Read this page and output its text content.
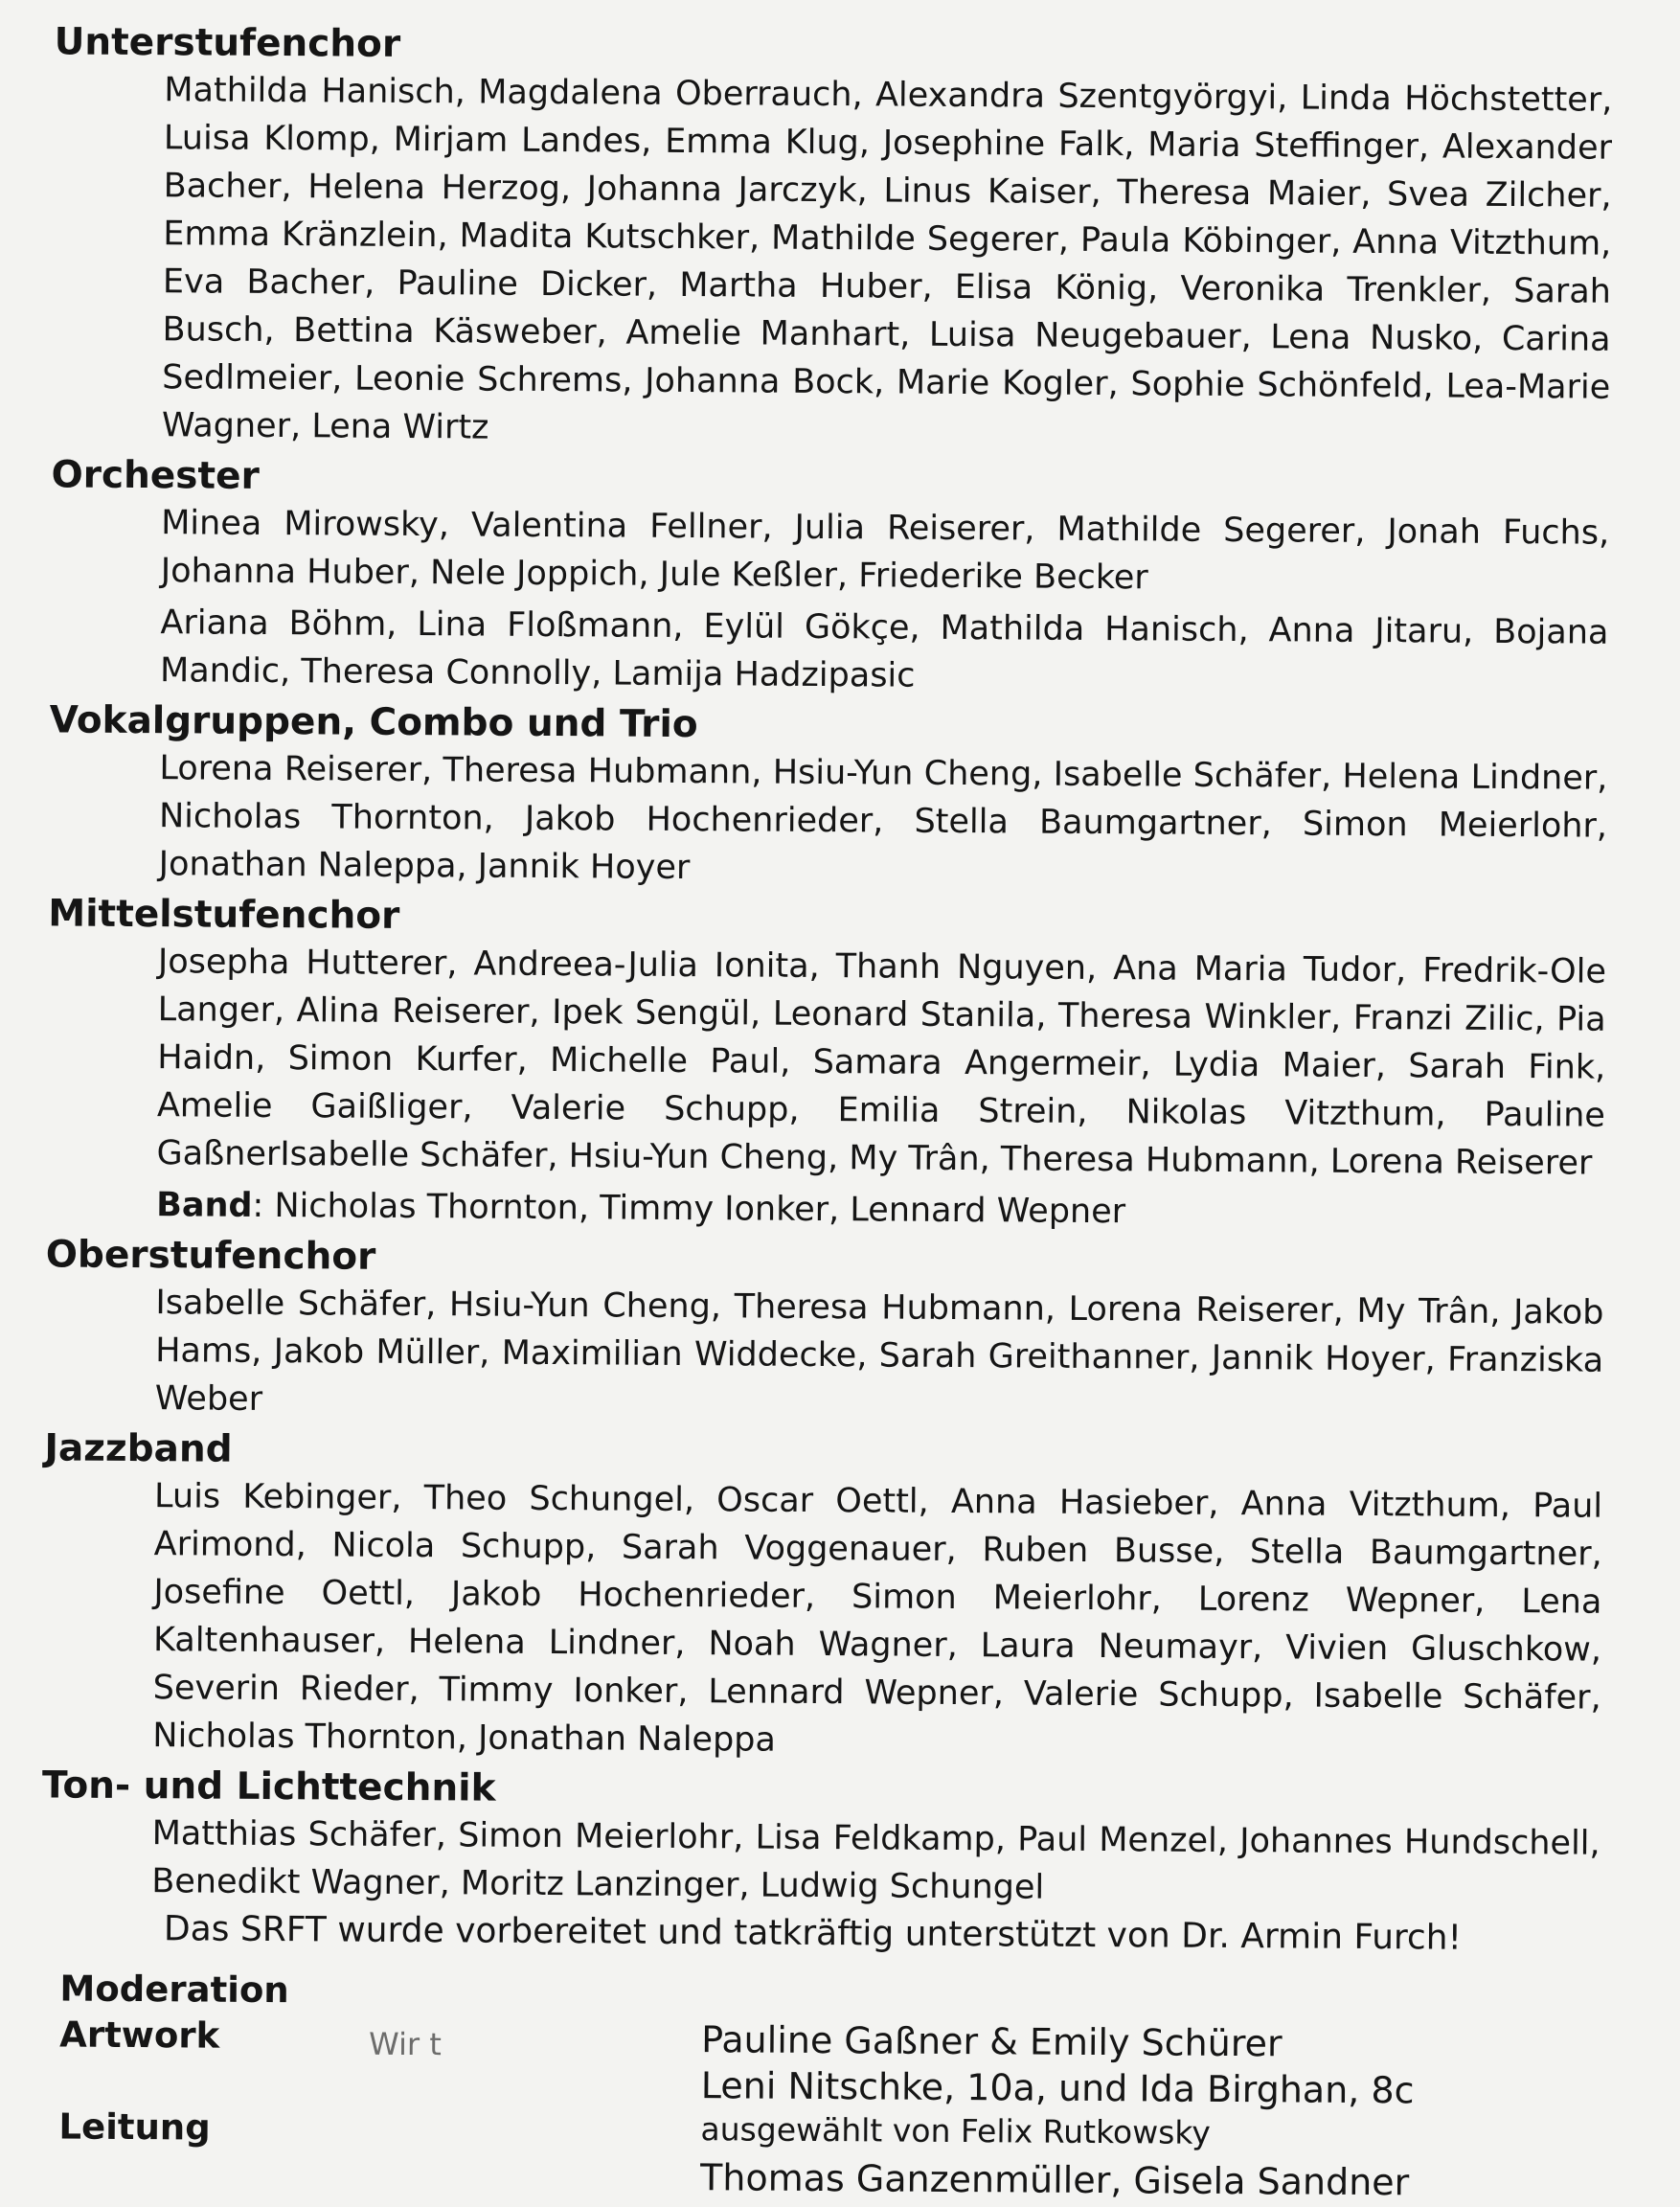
Unterstufenchor
Mathilda Hanisch, Magdalena Oberrauch, Alexandra Szentgyörgyi, Linda Höchstetter, Luisa Klomp, Mirjam Landes, Emma Klug, Josephine Falk, Maria Steffinger, Alexander Bacher, Helena Herzog, Johanna Jarczyk, Linus Kaiser, Theresa Maier, Svea Zilcher, Emma Kränzlein, Madita Kutschker, Mathilde Segerer, Paula Köbinger, Anna Vitzthum, Eva Bacher, Pauline Dicker, Martha Huber, Elisa König, Veronika Trenkler, Sarah Busch, Bettina Käsweber, Amelie Manhart, Luisa Neugebauer, Lena Nusko, Carina Sedlmeier, Leonie Schrems, Johanna Bock, Marie Kogler, Sophie Schönfeld, Lea-Marie Wagner, Lena Wirtz
Orchester
Minea Mirowsky, Valentina Fellner, Julia Reiserer, Mathilde Segerer, Jonah Fuchs, Johanna Huber, Nele Joppich, Jule Keßler, Friederike Becker
Ariana Böhm, Lina Floßmann, Eylül Gökçe, Mathilda Hanisch, Anna Jitaru, Bojana Mandic, Theresa Connolly, Lamija Hadzipasic
Vokalgruppen, Combo und Trio
Lorena Reiserer, Theresa Hubmann, Hsiu-Yun Cheng, Isabelle Schäfer, Helena Lindner, Nicholas Thornton, Jakob Hochenrieder, Stella Baumgartner, Simon Meierlohr, Jonathan Naleppa, Jannik Hoyer
Mittelstufenchor
Josepha Hutterer, Andreea-Julia Ionita, Thanh Nguyen, Ana Maria Tudor, Fredrik-Ole Langer, Alina Reiserer, Ipek Sengül, Leonard Stanila, Theresa Winkler, Franzi Zilic, Pia Haidn, Simon Kurfer, Michelle Paul, Samara Angermeir, Lydia Maier, Sarah Fink, Amelie Gaißliger, Valerie Schupp, Emilia Strein, Nikolas Vitzthum, Pauline GaßnerIsabelle Schäfer, Hsiu-Yun Cheng, My Trân, Theresa Hubmann, Lorena Reiserer
Band: Nicholas Thornton, Timmy Ionker, Lennard Wepner
Oberstufenchor
Isabelle Schäfer, Hsiu-Yun Cheng, Theresa Hubmann, Lorena Reiserer, My Trân, Jakob Hams, Jakob Müller, Maximilian Widdecke, Sarah Greithanner, Jannik Hoyer, Franziska Weber
Jazzband
Luis Kebinger, Theo Schungel, Oscar Oettl, Anna Hasieber, Anna Vitzthum, Paul Arimond, Nicola Schupp, Sarah Voggenauer, Ruben Busse, Stella Baumgartner, Josefine Oettl, Jakob Hochenrieder, Simon Meierlohr, Lorenz Wepner, Lena Kaltenhauser, Helena Lindner, Noah Wagner, Laura Neumayr, Vivien Gluschkow, Severin Rieder, Timmy Ionker, Lennard Wepner, Valerie Schupp, Isabelle Schäfer, Nicholas Thornton, Jonathan Naleppa
Ton- und Lichttechnik
Matthias Schäfer, Simon Meierlohr, Lisa Feldkamp, Paul Menzel, Johannes Hundschell, Benedikt Wagner, Moritz Lanzinger, Ludwig Schungel
Das SRFT wurde vorbereitet und tatkräftig unterstützt von Dr. Armin Furch!
Moderation
Artwork	Pauline Gaßner & Emily Schürer
Leni Nitschke, 10a, und Ida Birghan, 8c
Leitung	ausgewählt von Felix Rutkowsky
Thomas Ganzenmüller, Gisela Sandner
Wir t
